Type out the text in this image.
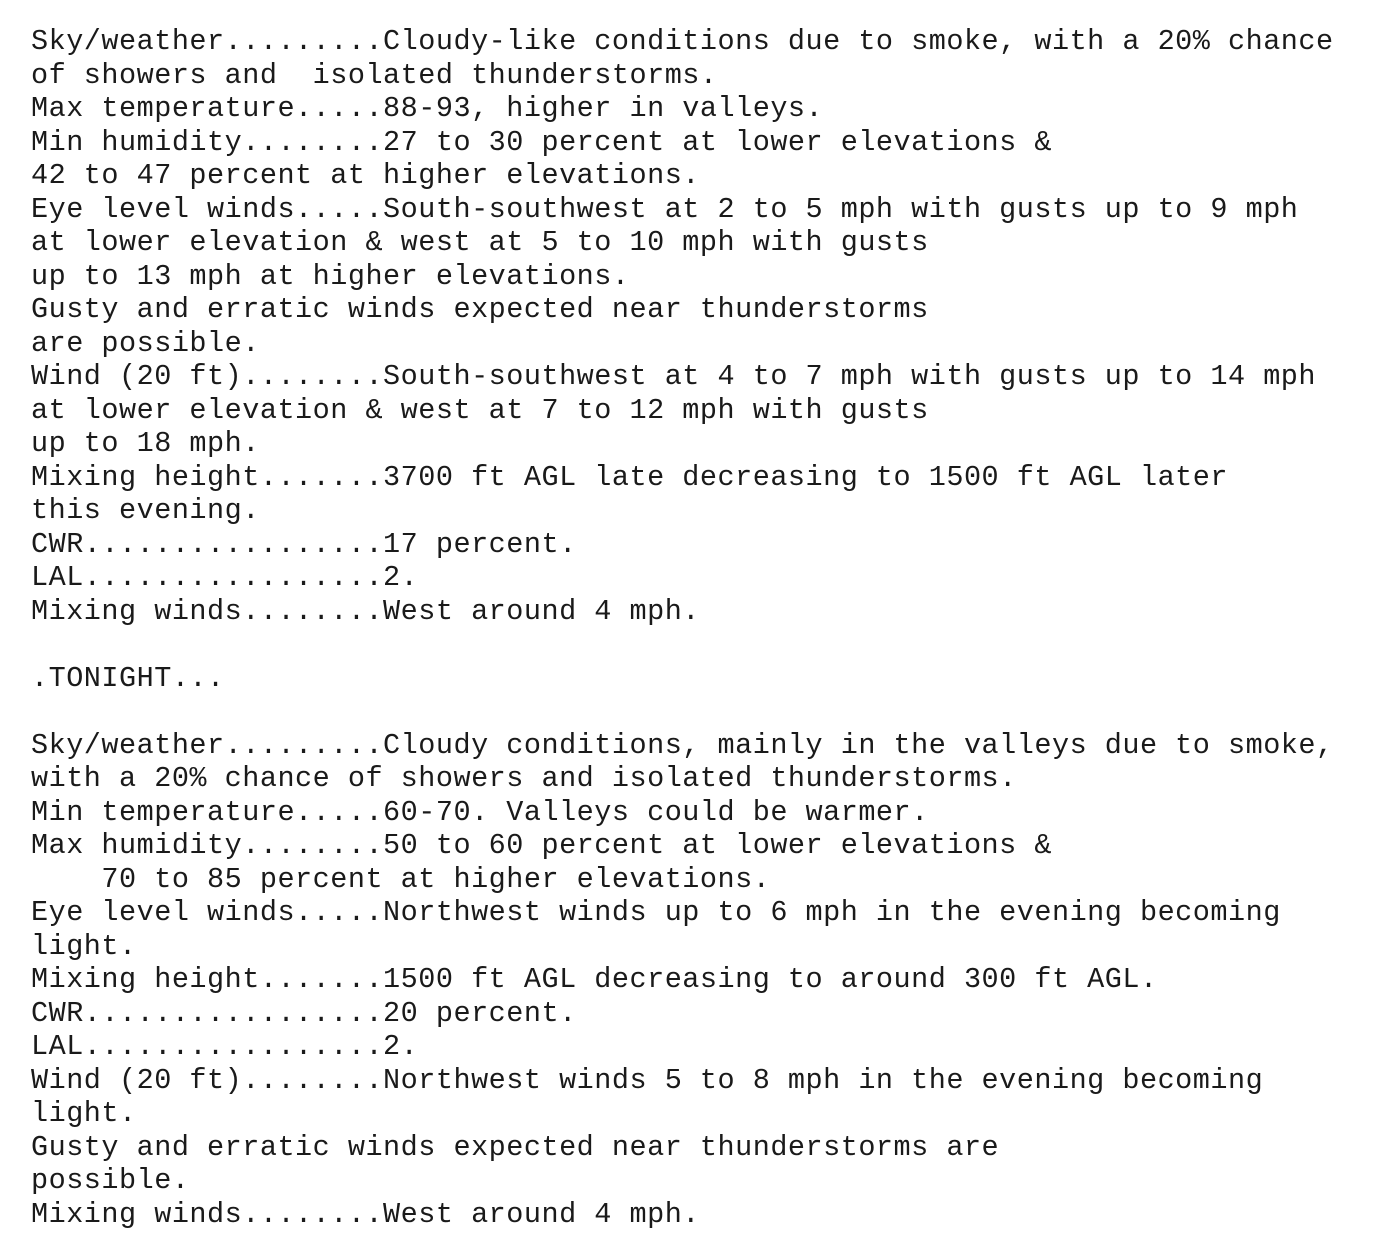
Sky/weather.........Cloudy-like conditions due to smoke, with a 20% chance
of showers and  isolated thunderstorms.
Max temperature.....88-93, higher in valleys.
Min humidity........27 to 30 percent at lower elevations &
42 to 47 percent at higher elevations.
Eye level winds.....South-southwest at 2 to 5 mph with gusts up to 9 mph
at lower elevation & west at 5 to 10 mph with gusts
up to 13 mph at higher elevations.
Gusty and erratic winds expected near thunderstorms
are possible.
Wind (20 ft)........South-southwest at 4 to 7 mph with gusts up to 14 mph
at lower elevation & west at 7 to 12 mph with gusts
up to 18 mph.
Mixing height.......3700 ft AGL late decreasing to 1500 ft AGL later
this evening.
CWR.................17 percent.
LAL.................2.
Mixing winds........West around 4 mph.
.TONIGHT...
Sky/weather.........Cloudy conditions, mainly in the valleys due to smoke,
with a 20% chance of showers and isolated thunderstorms.
Min temperature.....60-70. Valleys could be warmer.
Max humidity........50 to 60 percent at lower elevations &
70 to 85 percent at higher elevations.
Eye level winds.....Northwest winds up to 6 mph in the evening becoming
light.
Mixing height.......1500 ft AGL decreasing to around 300 ft AGL.
CWR.................20 percent.
LAL.................2.
Wind (20 ft)........Northwest winds 5 to 8 mph in the evening becoming
light.
Gusty and erratic winds expected near thunderstorms are
possible.
Mixing winds........West around 4 mph.
